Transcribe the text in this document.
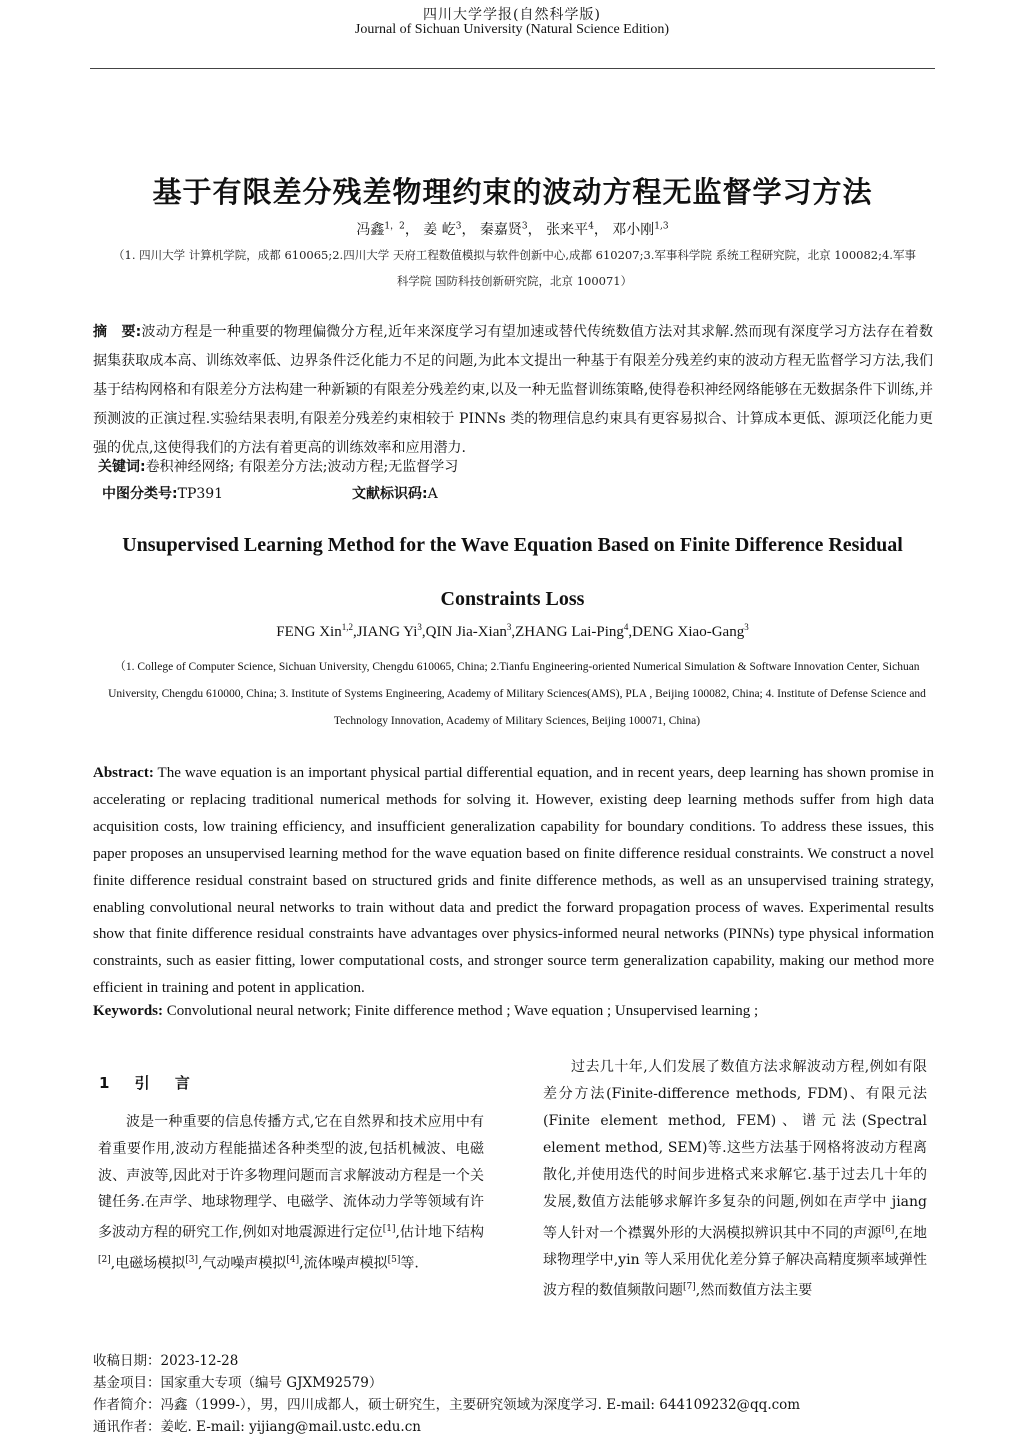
四川大学学报(自然科学版)
Journal of Sichuan University (Natural Science Edition)
基于有限差分残差物理约束的波动方程无监督学习方法
冯鑫$^{1,2}$， 姜 屹$^3$， 秦嘉贤$^3$， 张来平$^4$， 邓小刚$^{1,3}$
（1. 四川大学 计算机学院，成都 610065;2.四川大学 天府工程数值模拟与软件创新中心,成都 610207;3.军事科学院 系统工程研究院，北京 100082;4.军事科学院 国防科技创新研究院，北京 100071）
摘　要:波动方程是一种重要的物理偏微分方程,近年来深度学习有望加速或替代传统数值方法对其求解.然而现有深度学习方法存在着数据集获取成本高、训练效率低、边界条件泛化能力不足的问题,为此本文提出一种基于有限差分残差约束的波动方程无监督学习方法,我们基于结构网格和有限差分方法构建一种新颖的有限差分残差约束,以及一种无监督训练策略,使得卷积神经网络能够在无数据条件下训练,并预测波的正演过程.实验结果表明,有限差分残差约束相较于 PINNs 类的物理信息约束具有更容易拟合、计算成本更低、源项泛化能力更强的优点,这使得我们的方法有着更高的训练效率和应用潜力.
关键词:卷积神经网络; 有限差分方法;波动方程;无监督学习
中图分类号:TP391	文献标识码:A
Unsupervised Learning Method for the Wave Equation Based on Finite Difference Residual Constraints Loss
FENG Xin$^{1,2}$,JIANG Yi$^3$,QIN Jia-Xian$^3$,ZHANG Lai-Ping$^4$,DENG Xiao-Gang$^3$
（1. College of Computer Science, Sichuan University, Chengdu 610065, China; 2.Tianfu Engineering-oriented Numerical Simulation & Software Innovation Center, Sichuan University, Chengdu 610000, China; 3. Institute of Systems Engineering, Academy of Military Sciences(AMS), PLA , Beijing 100082, China; 4. Institute of Defense Science and Technology Innovation, Academy of Military Sciences, Beijing 100071, China)
Abstract: The wave equation is an important physical partial differential equation, and in recent years, deep learning has shown promise in accelerating or replacing traditional numerical methods for solving it. However, existing deep learning methods suffer from high data acquisition costs, low training efficiency, and insufficient generalization capability for boundary conditions. To address these issues, this paper proposes an unsupervised learning method for the wave equation based on finite difference residual constraints. We construct a novel finite difference residual constraint based on structured grids and finite difference methods, as well as an unsupervised training strategy, enabling convolutional neural networks to train without data and predict the forward propagation process of waves. Experimental results show that finite difference residual constraints have advantages over physics-informed neural networks (PINNs) type physical information constraints, such as easier fitting, lower computational costs, and stronger source term generalization capability, making our method more efficient in training and potent in application.
Keywords: Convolutional neural network; Finite difference method ; Wave equation ; Unsupervised learning ;
1 引 言
波是一种重要的信息传播方式,它在自然界和技术应用中有着重要作用,波动方程能描述各种类型的波,包括机械波、电磁波、声波等,因此对于许多物理问题而言求解波动方程是一个关键任务.在声学、地球物理学、电磁学、流体动力学等领域有许多波动方程的研究工作,例如对地震源进行定位[1],估计地下结构[2],电磁场模拟[3],气动噪声模拟[4],流体噪声模拟[5]等.
过去几十年,人们发展了数值方法求解波动方程,例如有限差分方法(Finite-difference methods, FDM)、有限元法(Finite element method, FEM)、谱元法(Spectral element method, SEM)等.这些方法基于网格将波动方程离散化,并使用迭代的时间步进格式来求解它.基于过去几十年的发展,数值方法能够求解许多复杂的问题,例如在声学中 jiang 等人针对一个襟翼外形的大涡模拟辨识其中不同的声源[6],在地球物理学中,yin 等人采用优化差分算子解决高精度频率域弹性波方程的数值频散问题[7],然而数值方法主要
收稿日期：2023-12-28
基金项目：国家重大专项（编号 GJXM92579）
作者简介：冯鑫（1999-），男，四川成都人，硕士研究生，主要研究领域为深度学习. E-mail: 644109232@qq.com
通讯作者：姜屹. E-mail: yijiang@mail.ustc.edu.cn
